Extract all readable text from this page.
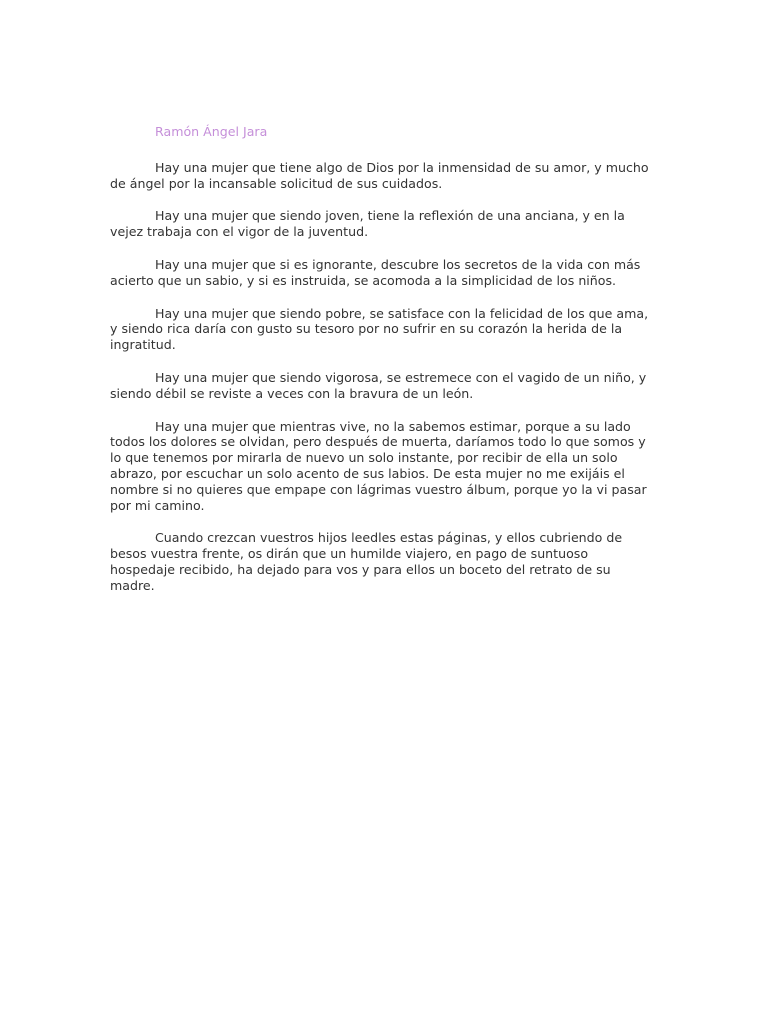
Ramón Ángel Jara

Hay una mujer que tiene algo de Dios por la inmensidad de su amor, y mucho de ángel por la incansable solicitud de sus cuidados.

Hay una mujer que siendo joven, tiene la reflexión de una anciana, y en la vejez trabaja con el vigor de la juventud.

Hay una mujer que si es ignorante, descubre los secretos de la vida con más acierto que un sabio, y si es instruida, se acomoda a la simplicidad de los niños.

Hay una mujer que siendo pobre, se satisface con la felicidad de los que ama, y siendo rica daría con gusto su tesoro por no sufrir en su corazón la herida de la ingratitud.

Hay una mujer que siendo vigorosa, se estremece con el vagido de un niño, y siendo débil se reviste a veces con la bravura de un león.

Hay una mujer que mientras vive, no la sabemos estimar, porque a su lado todos los dolores se olvidan, pero después de muerta, daríamos todo lo que somos y lo que tenemos por mirarla de nuevo un solo instante, por recibir de ella un solo abrazo, por escuchar un solo acento de sus labios. De esta mujer no me exijáis el nombre si no quieres que empape con lágrimas vuestro álbum, porque yo la vi pasar por mi camino.

Cuando crezcan vuestros hijos leedles estas páginas, y ellos cubriendo de besos vuestra frente, os dirán que un humilde viajero, en pago de suntuoso hospedaje recibido, ha dejado para vos y para ellos un boceto del retrato de su madre.
